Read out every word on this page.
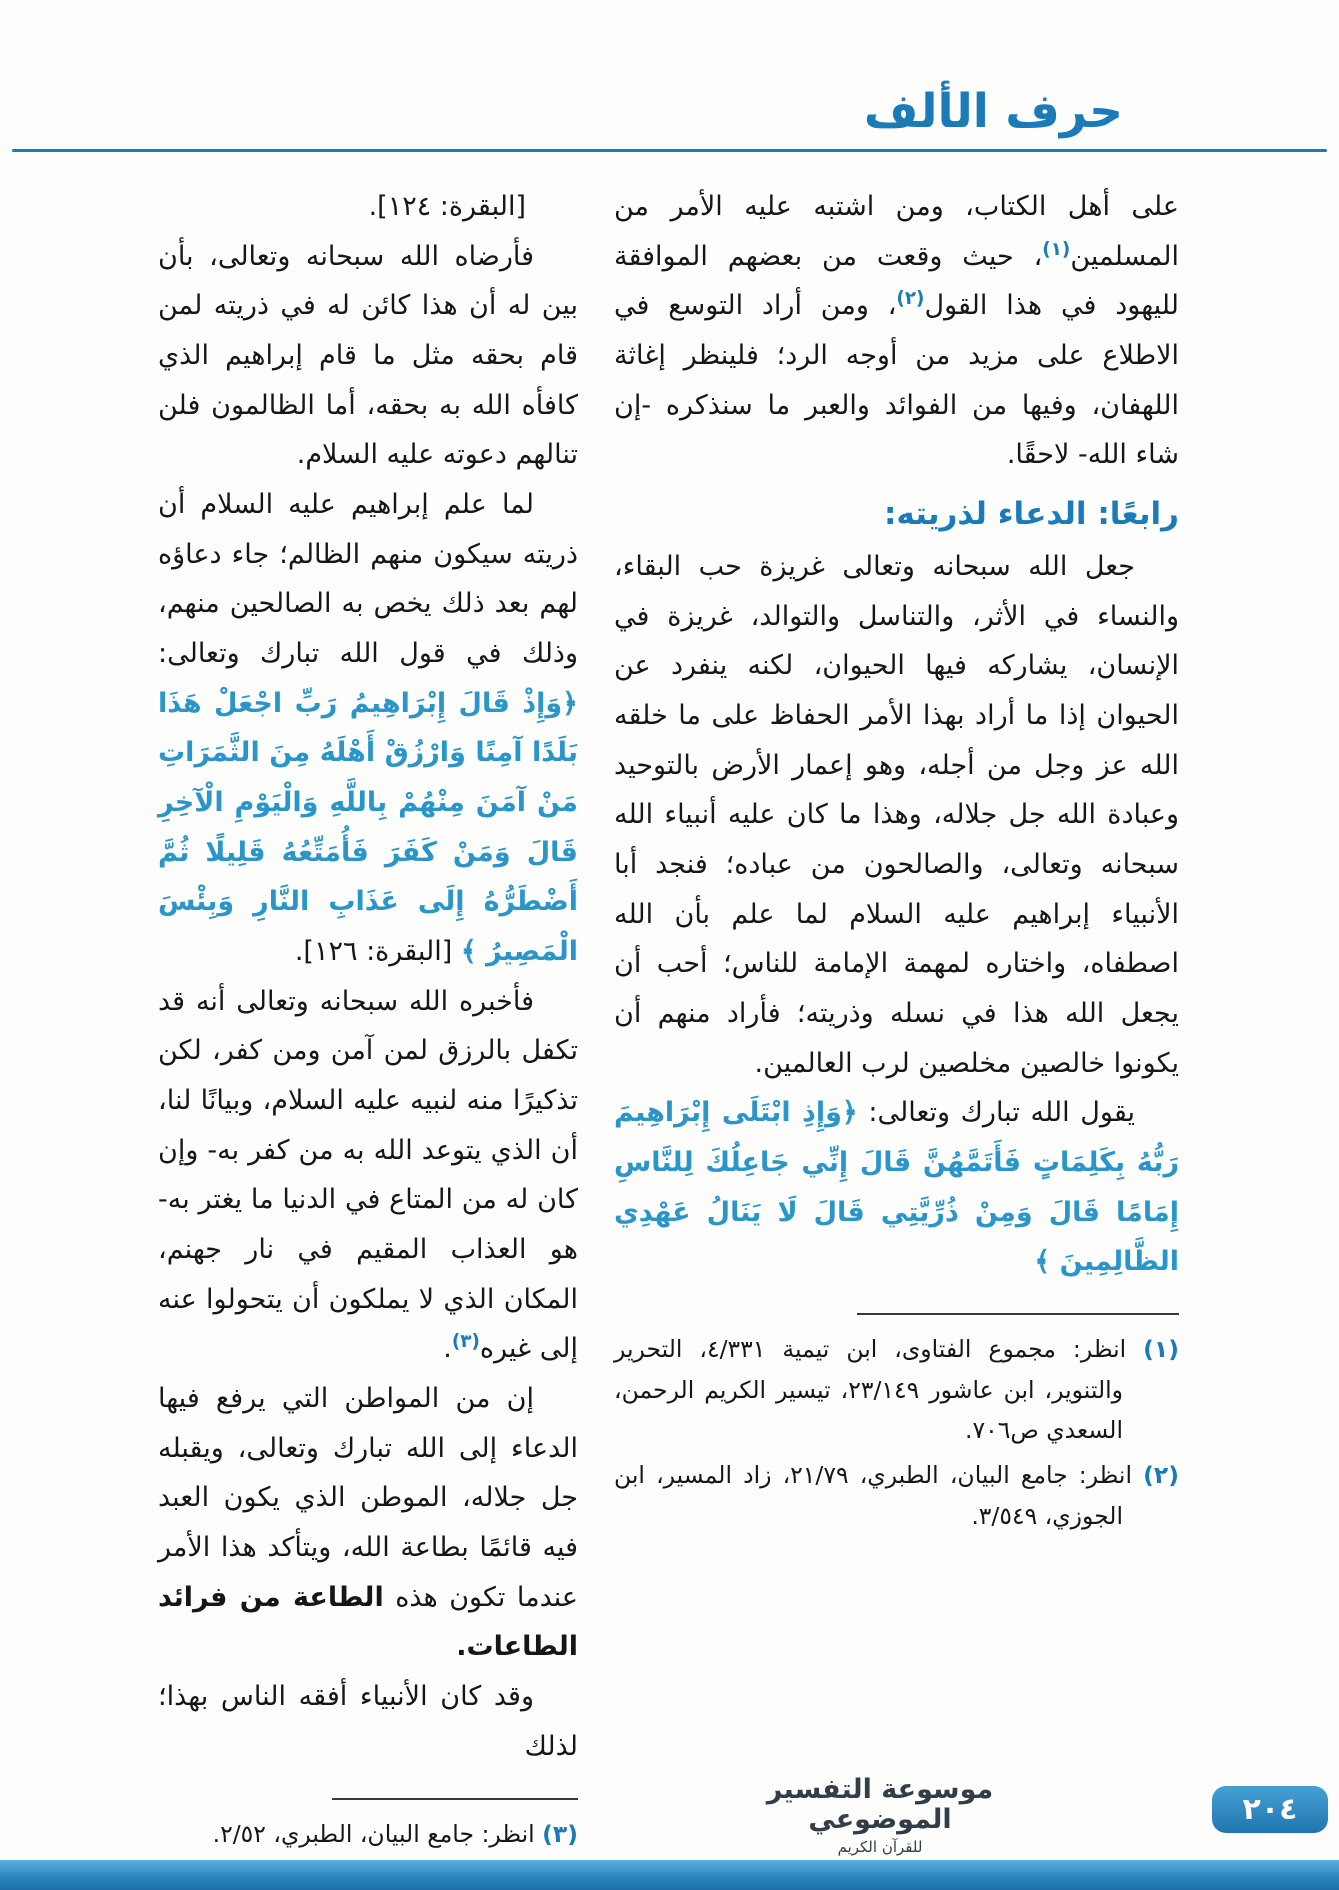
حرف الألف

على أهل الكتاب، ومن اشتبه عليه الأمر من المسلمين$^{(١)}$، حيث وقعت من بعضهم الموافقة لليهود في هذا القول$^{(٢)}$، ومن أراد التوسع في الاطلاع على مزيد من أوجه الرد؛ فلينظر إغاثة اللهفان، وفيها من الفوائد والعبر ما سنذكره -إن شاء الله- لاحقًا.

رابعًا: الدعاء لذريته:

جعل الله سبحانه وتعالى غريزة حب البقاء، والنساء في الأثر، والتناسل والتوالد، غريزة في الإنسان، يشاركه فيها الحيوان، لكنه ينفرد عن الحيوان إذا ما أراد بهذا الأمر الحفاظ على ما خلقه الله عز وجل من أجله، وهو إعمار الأرض بالتوحيد وعبادة الله جل جلاله، وهذا ما كان عليه أنبياء الله سبحانه وتعالى، والصالحون من عباده؛ فنجد أبا الأنبياء إبراهيم عليه السلام لما علم بأن الله اصطفاه، واختاره لمهمة الإمامة للناس؛ أحب أن يجعل الله هذا في نسله وذريته؛ فأراد منهم أن يكونوا خالصين مخلصين لرب العالمين.

يقول الله تبارك وتعالى: ﴿وَإِذِ ابْتَلَى إِبْرَاهِيمَ رَبُّهُ بِكَلِمَاتٍ فَأَتَمَّهُنَّ قَالَ إِنِّي جَاعِلُكَ لِلنَّاسِ إِمَامًا قَالَ وَمِنْ ذُرِّيَّتِي قَالَ لَا يَنَالُ عَهْدِي الظَّالِمِينَ ﴾

(١) انظر: مجموع الفتاوى، ابن تيمية ٤/٣٣١، التحرير والتنوير، ابن عاشور ٢٣/١٤٩، تيسير الكريم الرحمن، السعدي ص٧٠٦.
(٢) انظر: جامع البيان، الطبري، ٢١/٧٩، زاد المسير، ابن الجوزي، ٣/٥٤٩.

[البقرة: ١٢٤].

فأرضاه الله سبحانه وتعالى، بأن بين له أن هذا كائن له في ذريته لمن قام بحقه مثل ما قام إبراهيم الذي كافأه الله به بحقه، أما الظالمون فلن تنالهم دعوته عليه السلام.

لما علم إبراهيم عليه السلام أن ذريته سيكون منهم الظالم؛ جاء دعاؤه لهم بعد ذلك يخص به الصالحين منهم، وذلك في قول الله تبارك وتعالى: ﴿وَإِذْ قَالَ إِبْرَاهِيمُ رَبِّ اجْعَلْ هَذَا بَلَدًا آمِنًا وَارْزُقْ أَهْلَهُ مِنَ الثَّمَرَاتِ مَنْ آمَنَ مِنْهُمْ بِاللَّهِ وَالْيَوْمِ الْآخِرِ قَالَ وَمَنْ كَفَرَ فَأُمَتِّعُهُ قَلِيلًا ثُمَّ أَضْطَرُّهُ إِلَى عَذَابِ النَّارِ وَبِئْسَ الْمَصِيرُ ﴾ [البقرة: ١٢٦].

فأخبره الله سبحانه وتعالى أنه قد تكفل بالرزق لمن آمن ومن كفر، لكن تذكيرًا منه لنبيه عليه السلام، وبيانًا لنا، أن الذي يتوعد الله به من كفر به- وإن كان له من المتاع في الدنيا ما يغتر به- هو العذاب المقيم في نار جهنم، المكان الذي لا يملكون أن يتحولوا عنه إلى غيره$^{(٣)}$.

إن من المواطن التي يرفع فيها الدعاء إلى الله تبارك وتعالى، ويقبله جل جلاله، الموطن الذي يكون العبد فيه قائمًا بطاعة الله، ويتأكد هذا الأمر عندما تكون هذه الطاعة من فرائد الطاعات.

وقد كان الأنبياء أفقه الناس بهذا؛ لذلك

(٣) انظر: جامع البيان، الطبري، ٢/٥٢.
موسوعة التفسير الموضوعي
للقرآن الكريم
٢٠٤
